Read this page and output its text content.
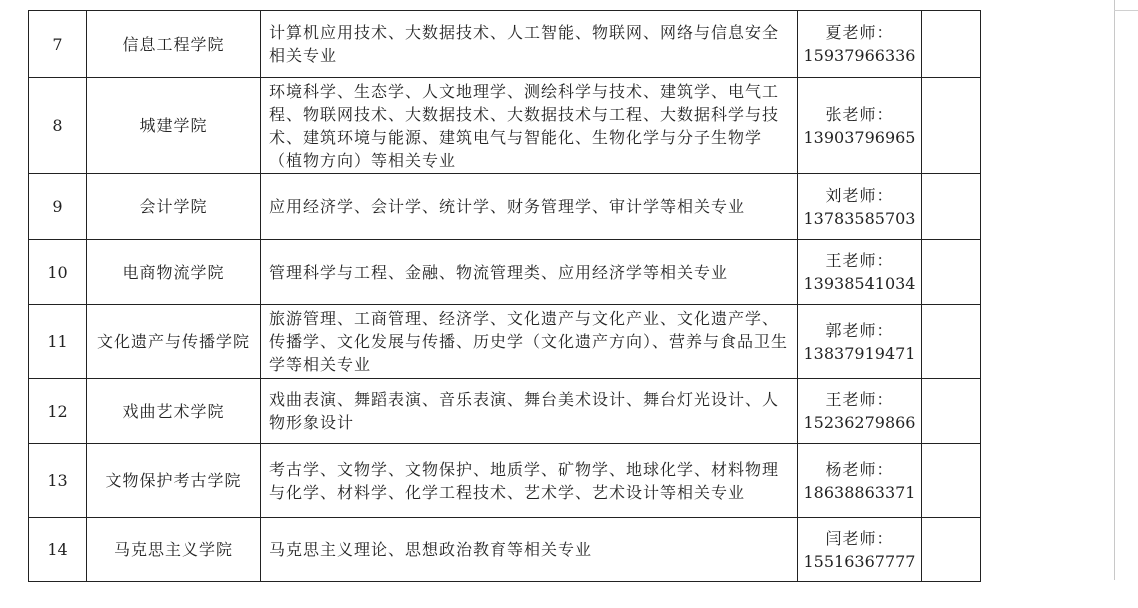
7	信息工程学院	计算机应用技术、大数据技术、人工智能、物联网、网络与信息安全相关专业	夏老师：
15937966336	

8	城建学院	环境科学、生态学、人文地理学、测绘科学与技术、建筑学、电气工程、物联网技术、大数据技术、大数据技术与工程、大数据科学与技术、建筑环境与能源、建筑电气与智能化、生物化学与分子生物学（植物方向）等相关专业	张老师：
13903796965	

9	会计学院	应用经济学、会计学、统计学、财务管理学、审计学等相关专业	刘老师：
13783585703	

10	电商物流学院	管理科学与工程、金融、物流管理类、应用经济学等相关专业	王老师：
13938541034	

11	文化遗产与传播学院	旅游管理、工商管理、经济学、文化遗产与文化产业、文化遗产学、传播学、文化发展与传播、历史学（文化遗产方向）、营养与食品卫生学等相关专业	郭老师：
13837919471	

12	戏曲艺术学院	戏曲表演、舞蹈表演、音乐表演、舞台美术设计、舞台灯光设计、人物形象设计	王老师：
15236279866	

13	文物保护考古学院	考古学、文物学、文物保护、地质学、矿物学、地球化学、材料物理与化学、材料学、化学工程技术、艺术学、艺术设计等相关专业	杨老师：
18638863371	

14	马克思主义学院	马克思主义理论、思想政治教育等相关专业	闫老师：
15516367777	
